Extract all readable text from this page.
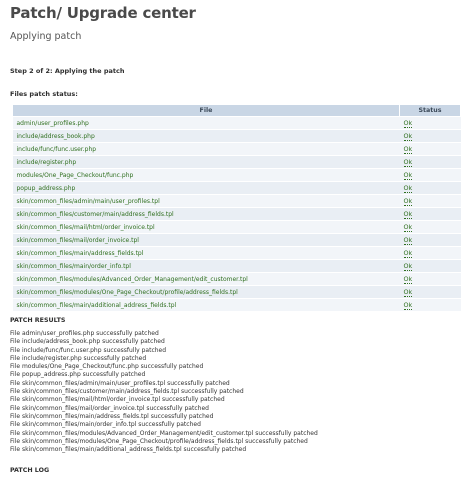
Patch/ Upgrade center
Applying patch
Step 2 of 2: Applying the patch
Files patch status:
File	Status
admin/user_profiles.php	Ok
include/address_book.php	Ok
include/func/func.user.php	Ok
include/register.php	Ok
modules/One_Page_Checkout/func.php	Ok
popup_address.php	Ok
skin/common_files/admin/main/user_profiles.tpl	Ok
skin/common_files/customer/main/address_fields.tpl	Ok
skin/common_files/mail/html/order_invoice.tpl	Ok
skin/common_files/mail/order_invoice.tpl	Ok
skin/common_files/main/address_fields.tpl	Ok
skin/common_files/main/order_info.tpl	Ok
skin/common_files/modules/Advanced_Order_Management/edit_customer.tpl	Ok
skin/common_files/modules/One_Page_Checkout/profile/address_fields.tpl	Ok
skin/common_files/main/additional_address_fields.tpl	Ok
PATCH RESULTS
File admin/user_profiles.php successfully patched
File include/address_book.php successfully patched
File include/func/func.user.php successfully patched
File include/register.php successfully patched
File modules/One_Page_Checkout/func.php successfully patched
File popup_address.php successfully patched
File skin/common_files/admin/main/user_profiles.tpl successfully patched
File skin/common_files/customer/main/address_fields.tpl successfully patched
File skin/common_files/mail/html/order_invoice.tpl successfully patched
File skin/common_files/mail/order_invoice.tpl successfully patched
File skin/common_files/main/address_fields.tpl successfully patched
File skin/common_files/main/order_info.tpl successfully patched
File skin/common_files/modules/Advanced_Order_Management/edit_customer.tpl successfully patched
File skin/common_files/modules/One_Page_Checkout/profile/address_fields.tpl successfully patched
File skin/common_files/main/additional_address_fields.tpl successfully patched
PATCH LOG
